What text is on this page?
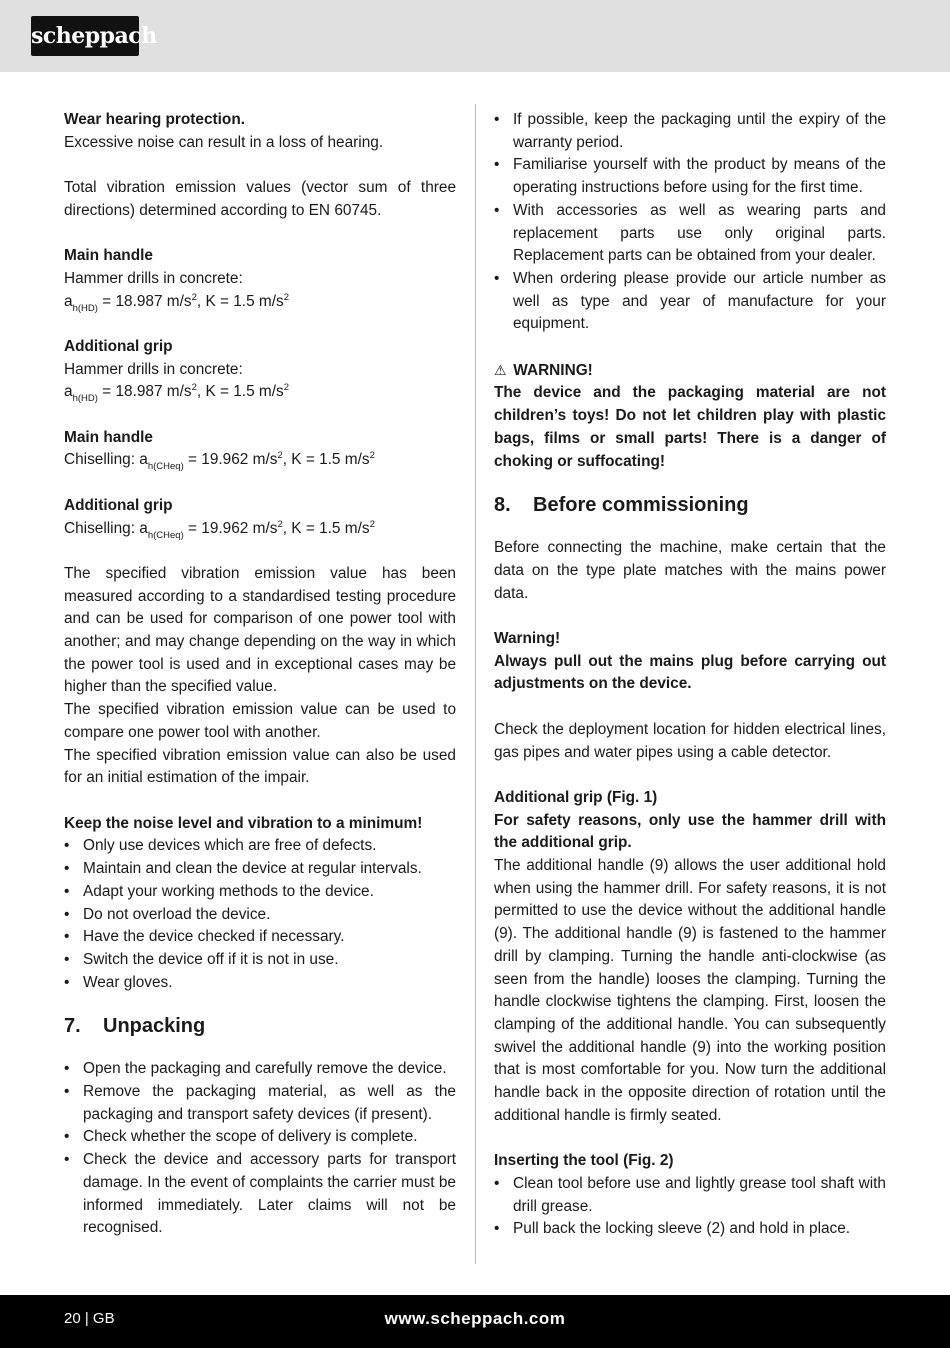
scheppach

Wear hearing protection.

Excessive noise can result in a loss of hearing.

Total vibration emission values (vector sum of three directions) determined according to EN 60745.

Main handle

Hammer drills in concrete:

$a_{h(HD)} = 18.987$ $m/s^2$, K = 1.5 $m/s^2$

Additional grip

Hammer drills in concrete:

$a_{h(HD)} = 18.987$ $m/s^2$, K = 1.5 $m/s^2$

Main handle

Chiselling: $a_{h(CHeq)} = 19.962$ $m/s^2$, K = 1.5 $m/s^2$

Additional grip

Chiselling: $a_{h(CHeq)} = 19.962$ $m/s^2$, K = 1.5 $m/s^2$

The specified vibration emission value has been measured according to a standardised testing procedure and can be used for comparison of one power tool with another; and may change depending on the way in which the power tool is used and in exceptional cases may be higher than the specified value.

The specified vibration emission value can be used to compare one power tool with another.

The specified vibration emission value can also be used for an initial estimation of the impair.

Keep the noise level and vibration to a minimum!

• Only use devices which are free of defects.
• Maintain and clean the device at regular intervals.
• Adapt your working methods to the device.
• Do not overload the device.
• Have the device checked if necessary.
• Switch the device off if it is not in use.
• Wear gloves.
7. Unpacking
• Open the packaging and carefully remove the device.
• Remove the packaging material, as well as the packaging and transport safety devices (if present).
• Check whether the scope of delivery is complete.
• Check the device and accessory parts for transport damage. In the event of complaints the carrier must be informed immediately. Later claims will not be recognised.
• If possible, keep the packaging until the expiry of the warranty period.
• Familiarise yourself with the product by means of the operating instructions before using for the first time.
• With accessories as well as wearing parts and replacement parts use only original parts. Replacement parts can be obtained from your dealer.
• When ordering please provide our article number as well as type and year of manufacture for your equipment.

⚠ WARNING!

The device and the packaging material are not children’s toys! Do not let children play with plastic bags, films or small parts! There is a danger of choking or suffocating!

8. Before commissioning

Before connecting the machine, make certain that the data on the type plate matches with the mains power data.

Warning!

Always pull out the mains plug before carrying out adjustments on the device.

Check the deployment location for hidden electrical lines, gas pipes and water pipes using a cable detector.

Additional grip (Fig. 1)

For safety reasons, only use the hammer drill with the additional grip.

The additional handle (9) allows the user additional hold when using the hammer drill. For safety reasons, it is not permitted to use the device without the additional handle (9). The additional handle (9) is fastened to the hammer drill by clamping. Turning the handle anti-clockwise (as seen from the handle) looses the clamping. Turning the handle clockwise tightens the clamping. First, loosen the clamping of the additional handle. You can subsequently swivel the additional handle (9) into the working position that is most comfortable for you. Now turn the additional handle back in the opposite direction of rotation until the additional handle is firmly seated.

Inserting the tool (Fig. 2)

• Clean tool before use and lightly grease tool shaft with drill grease.
• Pull back the locking sleeve (2) and hold in place.
20 | GB	www.scheppach.com
